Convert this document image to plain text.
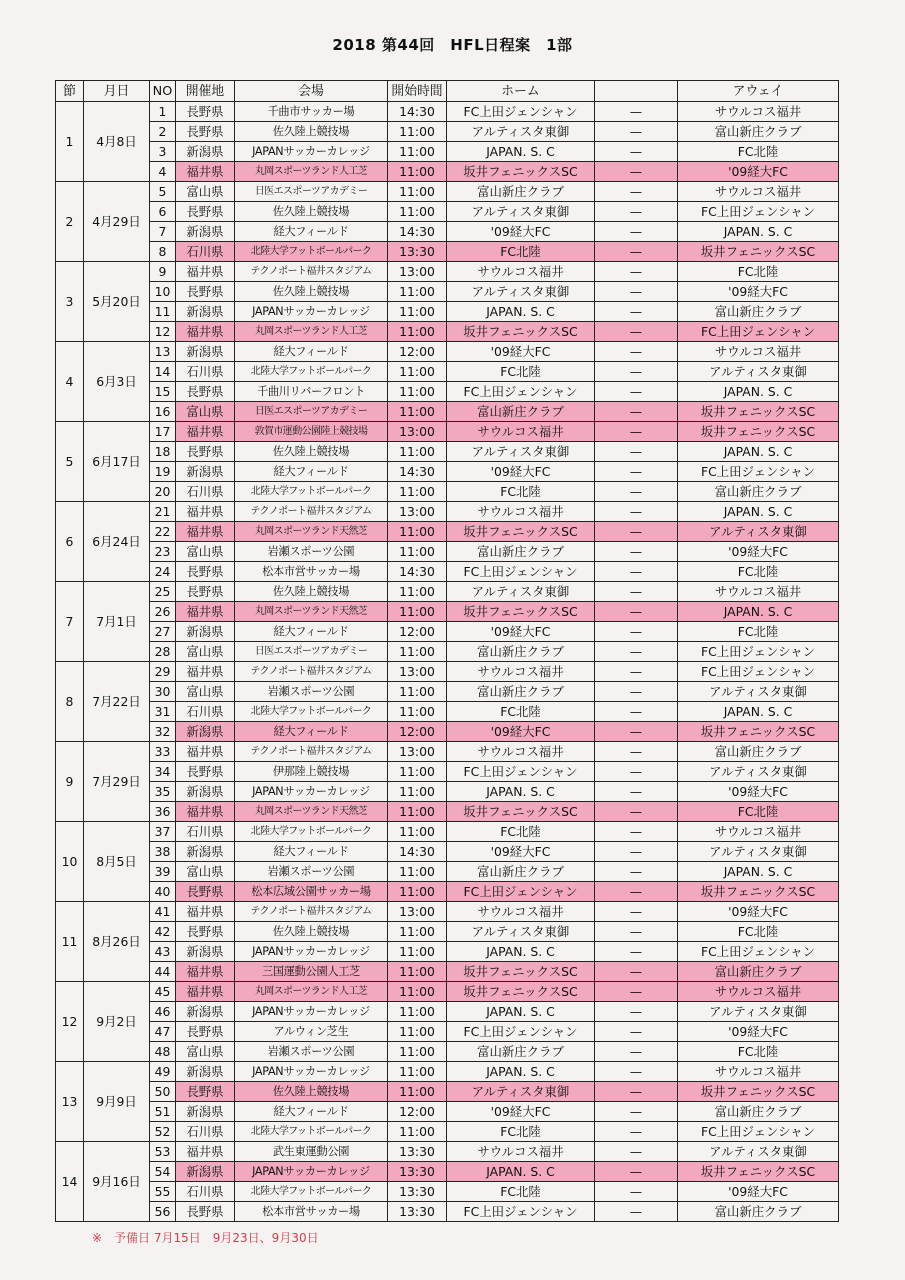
2018 第44回　HFL日程案　1部
節	月日	NO	開催地	会場	開始時間	ホーム		アウェイ
1	4月8日	1	長野県	千曲市サッカー場	14:30	FC上田ジェンシャン	—	サウルコス福井
		2	長野県	佐久陸上競技場	11:00	アルティスタ東御	—	富山新庄クラブ
		3	新潟県	JAPANサッカーカレッジ	11:00	JAPAN. S. C	—	FC北陸
		4	福井県	丸岡スポーツランド人工芝	11:00	坂井フェニックスSC	—	'09経大FC
2	4月29日	5	富山県	日医エスポーツアカデミー	11:00	富山新庄クラブ	—	サウルコス福井
		6	長野県	佐久陸上競技場	11:00	アルティスタ東御	—	FC上田ジェンシャン
		7	新潟県	経大フィールド	14:30	'09経大FC	—	JAPAN. S. C
		8	石川県	北陸大学フットボールパーク	13:30	FC北陸	—	坂井フェニックスSC
3	5月20日	9	福井県	テクノポート福井スタジアム	13:00	サウルコス福井	—	FC北陸
		10	長野県	佐久陸上競技場	11:00	アルティスタ東御	—	'09経大FC
		11	新潟県	JAPANサッカーカレッジ	11:00	JAPAN. S. C	—	富山新庄クラブ
		12	福井県	丸岡スポーツランド人工芝	11:00	坂井フェニックスSC	—	FC上田ジェンシャン
4	6月3日	13	新潟県	経大フィールド	12:00	'09経大FC	—	サウルコス福井
		14	石川県	北陸大学フットボールパーク	11:00	FC北陸	—	アルティスタ東御
		15	長野県	千曲川リバーフロント	11:00	FC上田ジェンシャン	—	JAPAN. S. C
		16	富山県	日医エスポーツアカデミー	11:00	富山新庄クラブ	—	坂井フェニックスSC
5	6月17日	17	福井県	敦賀市運動公園陸上競技場	13:00	サウルコス福井	—	坂井フェニックスSC
		18	長野県	佐久陸上競技場	11:00	アルティスタ東御	—	JAPAN. S. C
		19	新潟県	経大フィールド	14:30	'09経大FC	—	FC上田ジェンシャン
		20	石川県	北陸大学フットボールパーク	11:00	FC北陸	—	富山新庄クラブ
6	6月24日	21	福井県	テクノポート福井スタジアム	13:00	サウルコス福井	—	JAPAN. S. C
		22	福井県	丸岡スポーツランド天然芝	11:00	坂井フェニックスSC	—	アルティスタ東御
		23	富山県	岩瀬スポーツ公園	11:00	富山新庄クラブ	—	'09経大FC
		24	長野県	松本市営サッカー場	14:30	FC上田ジェンシャン	—	FC北陸
7	7月1日	25	長野県	佐久陸上競技場	11:00	アルティスタ東御	—	サウルコス福井
		26	福井県	丸岡スポーツランド天然芝	11:00	坂井フェニックスSC	—	JAPAN. S. C
		27	新潟県	経大フィールド	12:00	'09経大FC	—	FC北陸
		28	富山県	日医エスポーツアカデミー	11:00	富山新庄クラブ	—	FC上田ジェンシャン
8	7月22日	29	福井県	テクノポート福井スタジアム	13:00	サウルコス福井	—	FC上田ジェンシャン
		30	富山県	岩瀬スポーツ公園	11:00	富山新庄クラブ	—	アルティスタ東御
		31	石川県	北陸大学フットボールパーク	11:00	FC北陸	—	JAPAN. S. C
		32	新潟県	経大フィールド	12:00	'09経大FC	—	坂井フェニックスSC
9	7月29日	33	福井県	テクノポート福井スタジアム	13:00	サウルコス福井	—	富山新庄クラブ
		34	長野県	伊那陸上競技場	11:00	FC上田ジェンシャン	—	アルティスタ東御
		35	新潟県	JAPANサッカーカレッジ	11:00	JAPAN. S. C	—	'09経大FC
		36	福井県	丸岡スポーツランド天然芝	11:00	坂井フェニックスSC	—	FC北陸
10	8月5日	37	石川県	北陸大学フットボールパーク	11:00	FC北陸	—	サウルコス福井
		38	新潟県	経大フィールド	14:30	'09経大FC	—	アルティスタ東御
		39	富山県	岩瀬スポーツ公園	11:00	富山新庄クラブ	—	JAPAN. S. C
		40	長野県	松本広域公園サッカー場	11:00	FC上田ジェンシャン	—	坂井フェニックスSC
11	8月26日	41	福井県	テクノポート福井スタジアム	13:00	サウルコス福井	—	'09経大FC
		42	長野県	佐久陸上競技場	11:00	アルティスタ東御	—	FC北陸
		43	新潟県	JAPANサッカーカレッジ	11:00	JAPAN. S. C	—	FC上田ジェンシャン
		44	福井県	三国運動公園人工芝	11:00	坂井フェニックスSC	—	富山新庄クラブ
12	9月2日	45	福井県	丸岡スポーツランド人工芝	11:00	坂井フェニックスSC	—	サウルコス福井
		46	新潟県	JAPANサッカーカレッジ	11:00	JAPAN. S. C	—	アルティスタ東御
		47	長野県	アルウィン芝生	11:00	FC上田ジェンシャン	—	'09経大FC
		48	富山県	岩瀬スポーツ公園	11:00	富山新庄クラブ	—	FC北陸
13	9月9日	49	新潟県	JAPANサッカーカレッジ	11:00	JAPAN. S. C	—	サウルコス福井
		50	長野県	佐久陸上競技場	11:00	アルティスタ東御	—	坂井フェニックスSC
		51	新潟県	経大フィールド	12:00	'09経大FC	—	富山新庄クラブ
		52	石川県	北陸大学フットボールパーク	11:00	FC北陸	—	FC上田ジェンシャン
14	9月16日	53	福井県	武生東運動公園	13:30	サウルコス福井	—	アルティスタ東御
		54	新潟県	JAPANサッカーカレッジ	13:30	JAPAN. S. C	—	坂井フェニックスSC
		55	石川県	北陸大学フットボールパーク	13:30	FC北陸	—	'09経大FC
		56	長野県	松本市営サッカー場	13:30	FC上田ジェンシャン	—	富山新庄クラブ
※　予備日 7月15日　9月23日、9月30日
